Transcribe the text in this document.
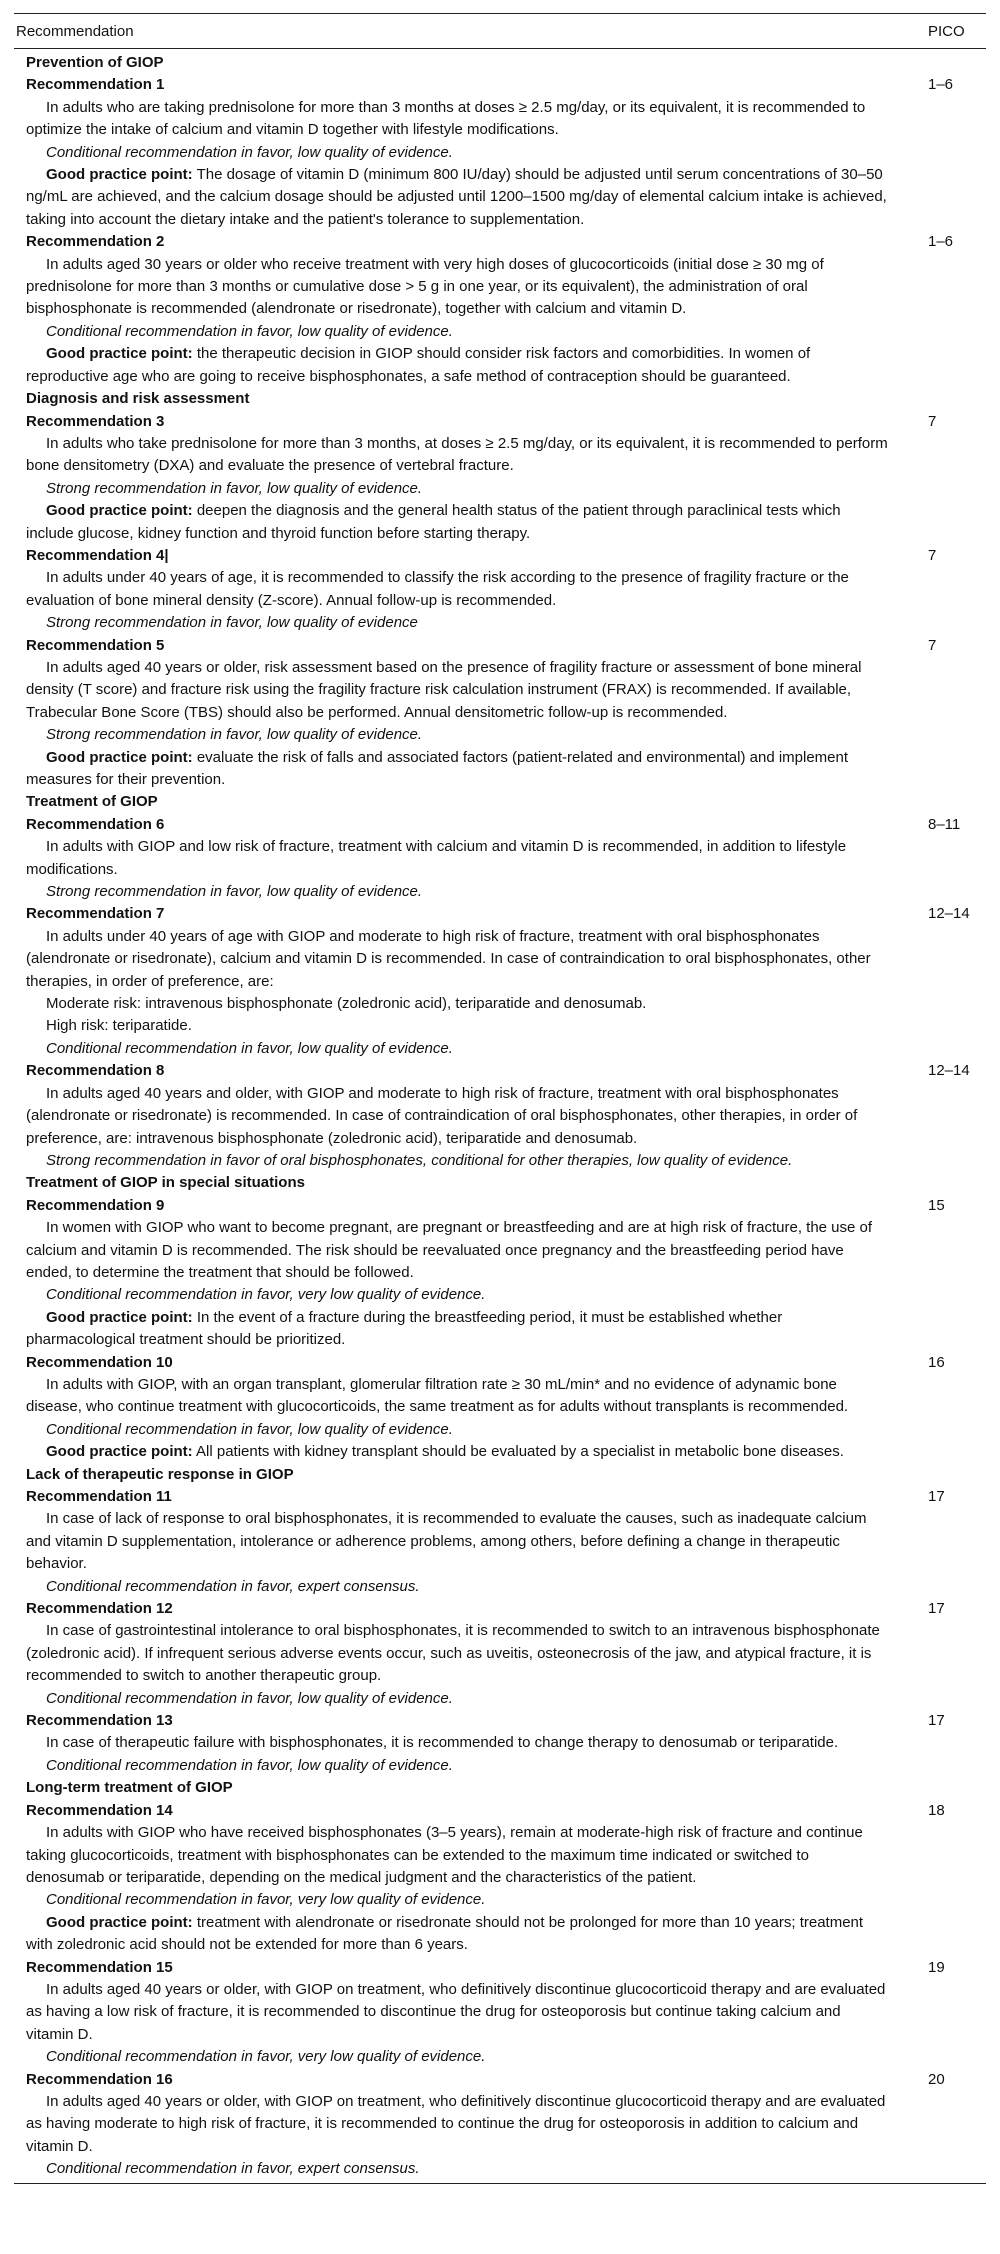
Recommendation	PICO
Prevention of GIOP
Recommendation 1
In adults who are taking prednisolone for more than 3 months at doses ≥ 2.5 mg/day, or its equivalent, it is recommended to optimize the intake of calcium and vitamin D together with lifestyle modifications.
Conditional recommendation in favor, low quality of evidence.
Good practice point: The dosage of vitamin D (minimum 800 IU/day) should be adjusted until serum concentrations of 30–50 ng/mL are achieved, and the calcium dosage should be adjusted until 1200–1500 mg/day of elemental calcium intake is achieved, taking into account the dietary intake and the patient's tolerance to supplementation.
1–6
Recommendation 2
In adults aged 30 years or older who receive treatment with very high doses of glucocorticoids (initial dose ≥ 30 mg of prednisolone for more than 3 months or cumulative dose > 5 g in one year, or its equivalent), the administration of oral bisphosphonate is recommended (alendronate or risedronate), together with calcium and vitamin D.
Conditional recommendation in favor, low quality of evidence.
Good practice point: the therapeutic decision in GIOP should consider risk factors and comorbidities. In women of reproductive age who are going to receive bisphosphonates, a safe method of contraception should be guaranteed.
1–6
Diagnosis and risk assessment
Recommendation 3
In adults who take prednisolone for more than 3 months, at doses ≥ 2.5 mg/day, or its equivalent, it is recommended to perform bone densitometry (DXA) and evaluate the presence of vertebral fracture.
Strong recommendation in favor, low quality of evidence.
Good practice point: deepen the diagnosis and the general health status of the patient through paraclinical tests which include glucose, kidney function and thyroid function before starting therapy.
7
Recommendation 4|
In adults under 40 years of age, it is recommended to classify the risk according to the presence of fragility fracture or the evaluation of bone mineral density (Z-score). Annual follow-up is recommended.
Strong recommendation in favor, low quality of evidence
7
Recommendation 5
In adults aged 40 years or older, risk assessment based on the presence of fragility fracture or assessment of bone mineral density (T score) and fracture risk using the fragility fracture risk calculation instrument (FRAX) is recommended. If available, Trabecular Bone Score (TBS) should also be performed. Annual densitometric follow-up is recommended.
Strong recommendation in favor, low quality of evidence.
Good practice point: evaluate the risk of falls and associated factors (patient-related and environmental) and implement measures for their prevention.
7
Treatment of GIOP
Recommendation 6
In adults with GIOP and low risk of fracture, treatment with calcium and vitamin D is recommended, in addition to lifestyle modifications.
Strong recommendation in favor, low quality of evidence.
8–11
Recommendation 7
In adults under 40 years of age with GIOP and moderate to high risk of fracture, treatment with oral bisphosphonates (alendronate or risedronate), calcium and vitamin D is recommended. In case of contraindication to oral bisphosphonates, other therapies, in order of preference, are:
Moderate risk: intravenous bisphosphonate (zoledronic acid), teriparatide and denosumab.
High risk: teriparatide.
Conditional recommendation in favor, low quality of evidence.
12–14
Recommendation 8
In adults aged 40 years and older, with GIOP and moderate to high risk of fracture, treatment with oral bisphosphonates (alendronate or risedronate) is recommended. In case of contraindication of oral bisphosphonates, other therapies, in order of preference, are: intravenous bisphosphonate (zoledronic acid), teriparatide and denosumab.
Strong recommendation in favor of oral bisphosphonates, conditional for other therapies, low quality of evidence.
12–14
Treatment of GIOP in special situations
Recommendation 9
In women with GIOP who want to become pregnant, are pregnant or breastfeeding and are at high risk of fracture, the use of calcium and vitamin D is recommended. The risk should be reevaluated once pregnancy and the breastfeeding period have ended, to determine the treatment that should be followed.
Conditional recommendation in favor, very low quality of evidence.
Good practice point: In the event of a fracture during the breastfeeding period, it must be established whether pharmacological treatment should be prioritized.
15
Recommendation 10
In adults with GIOP, with an organ transplant, glomerular filtration rate ≥ 30 mL/min* and no evidence of adynamic bone disease, who continue treatment with glucocorticoids, the same treatment as for adults without transplants is recommended.
Conditional recommendation in favor, low quality of evidence.
Good practice point: All patients with kidney transplant should be evaluated by a specialist in metabolic bone diseases.
16
Lack of therapeutic response in GIOP
Recommendation 11
In case of lack of response to oral bisphosphonates, it is recommended to evaluate the causes, such as inadequate calcium and vitamin D supplementation, intolerance or adherence problems, among others, before defining a change in therapeutic behavior.
Conditional recommendation in favor, expert consensus.
17
Recommendation 12
In case of gastrointestinal intolerance to oral bisphosphonates, it is recommended to switch to an intravenous bisphosphonate (zoledronic acid). If infrequent serious adverse events occur, such as uveitis, osteonecrosis of the jaw, and atypical fracture, it is recommended to switch to another therapeutic group.
Conditional recommendation in favor, low quality of evidence.
17
Recommendation 13
In case of therapeutic failure with bisphosphonates, it is recommended to change therapy to denosumab or teriparatide.
Conditional recommendation in favor, low quality of evidence.
17
Long-term treatment of GIOP
Recommendation 14
In adults with GIOP who have received bisphosphonates (3–5 years), remain at moderate-high risk of fracture and continue taking glucocorticoids, treatment with bisphosphonates can be extended to the maximum time indicated or switched to denosumab or teriparatide, depending on the medical judgment and the characteristics of the patient.
Conditional recommendation in favor, very low quality of evidence.
Good practice point: treatment with alendronate or risedronate should not be prolonged for more than 10 years; treatment with zoledronic acid should not be extended for more than 6 years.
18
Recommendation 15
In adults aged 40 years or older, with GIOP on treatment, who definitively discontinue glucocorticoid therapy and are evaluated as having a low risk of fracture, it is recommended to discontinue the drug for osteoporosis but continue taking calcium and vitamin D.
Conditional recommendation in favor, very low quality of evidence.
19
Recommendation 16
In adults aged 40 years or older, with GIOP on treatment, who definitively discontinue glucocorticoid therapy and are evaluated as having moderate to high risk of fracture, it is recommended to continue the drug for osteoporosis in addition to calcium and vitamin D.
Conditional recommendation in favor, expert consensus.
20
